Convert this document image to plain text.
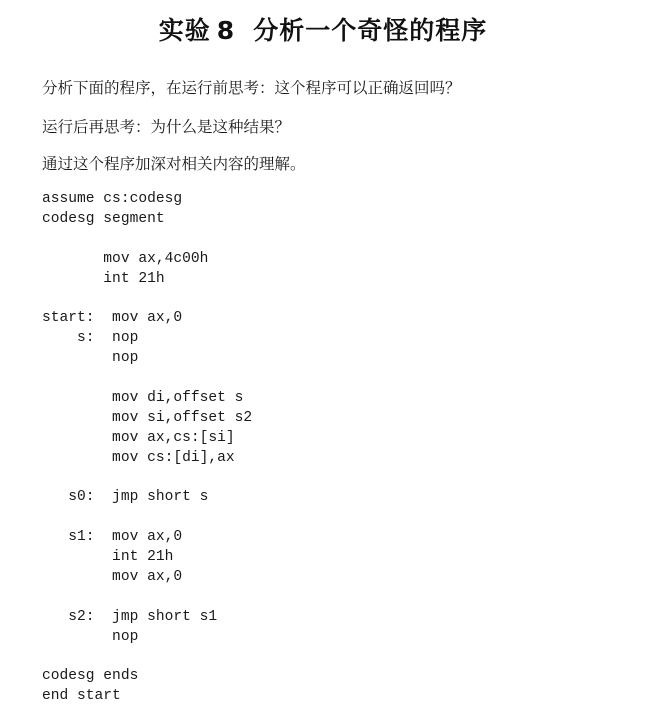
实验 8 分析一个奇怪的程序
分析下面的程序，在运行前思考：这个程序可以正确返回吗？
运行后再思考：为什么是这种结果？
通过这个程序加深对相关内容的理解。
assume cs:codesg
codesg segment
mov ax,4c00h
int 21h
start:  mov ax,0
s:  nop
nop
mov di,offset s
mov si,offset s2
mov ax,cs:[si]
mov cs:[di],ax
s0:  jmp short s
s1:  mov ax,0
int 21h
mov ax,0
s2:  jmp short s1
nop
codesg ends
end start
